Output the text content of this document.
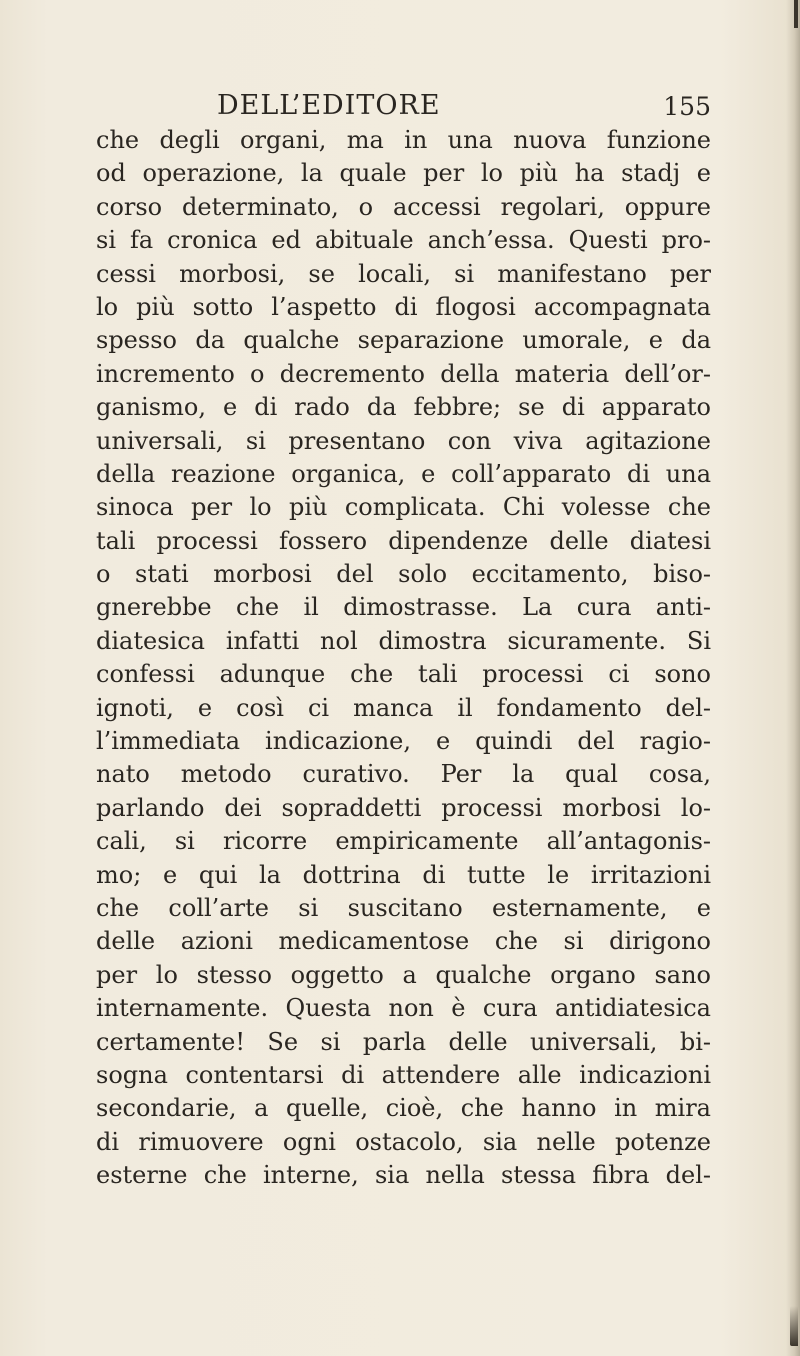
DELL’EDITORE	155
che degli organi, ma in una nuova funzione
od operazione, la quale per lo più ha stadj e
corso determinato, o accessi regolari, oppure
si fa cronica ed abituale anch’essa. Questi pro-
cessi morbosi, se locali, si manifestano per
lo più sotto l’aspetto di flogosi accompagnata
spesso da qualche separazione umorale, e da
incremento o decremento della materia dell’or-
ganismo, e di rado da febbre; se di apparato
universali, si presentano con viva agitazione
della reazione organica, e coll’apparato di una
sinoca per lo più complicata. Chi volesse che
tali processi fossero dipendenze delle diatesi
o stati morbosi del solo eccitamento, biso-
gnerebbe che il dimostrasse. La cura anti-
diatesica infatti nol dimostra sicuramente. Si
confessi adunque che tali processi ci sono
ignoti, e così ci manca il fondamento del-
l’immediata indicazione, e quindi del ragio-
nato metodo curativo. Per la qual cosa,
parlando dei sopraddetti processi morbosi lo-
cali, si ricorre empiricamente all’antagonis-
mo; e qui la dottrina di tutte le irritazioni
che coll’arte si suscitano esternamente, e
delle azioni medicamentose che si dirigono
per lo stesso oggetto a qualche organo sano
internamente. Questa non è cura antidiatesica
certamente! Se si parla delle universali, bi-
sogna contentarsi di attendere alle indicazioni
secondarie, a quelle, cioè, che hanno in mira
di rimuovere ogni ostacolo, sia nelle potenze
esterne che interne, sia nella stessa fibra del-
